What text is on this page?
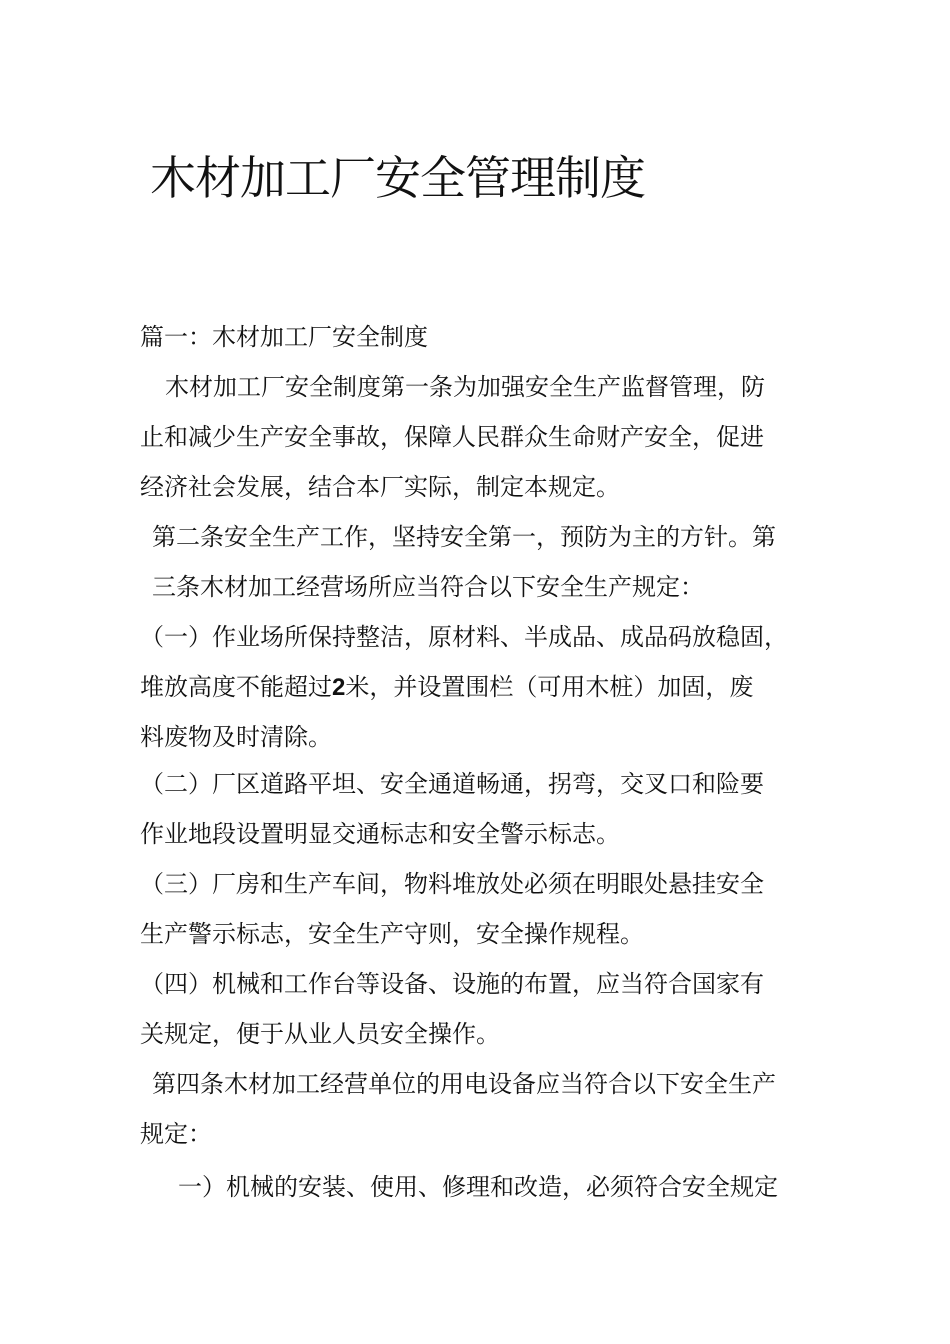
木材加工厂安全管理制度

篇一：木材加工厂安全制度

木材加工厂安全制度第一条为加强安全生产监督管理，防

止和减少生产安全事故，保障人民群众生命财产安全，促进

经济社会发展，结合本厂实际，制定本规定。

第二条安全生产工作，坚持安全第一，预防为主的方针。第

三条木材加工经营场所应当符合以下安全生产规定：

（一）作业场所保持整洁，原材料、半成品、成品码放稳固，

堆放高度不能超过2米，并设置围栏（可用木桩）加固，废

料废物及时清除。

（二）厂区道路平坦、安全通道畅通，拐弯，交叉口和险要

作业地段设置明显交通标志和安全警示标志。

（三）厂房和生产车间，物料堆放处必须在明眼处悬挂安全

生产警示标志，安全生产守则，安全操作规程。

（四）机械和工作台等设备、设施的布置，应当符合国家有

关规定，便于从业人员安全操作。

第四条木材加工经营单位的用电设备应当符合以下安全生产

规定：

一）机械的安装、使用、修理和改造，必须符合安全规定
